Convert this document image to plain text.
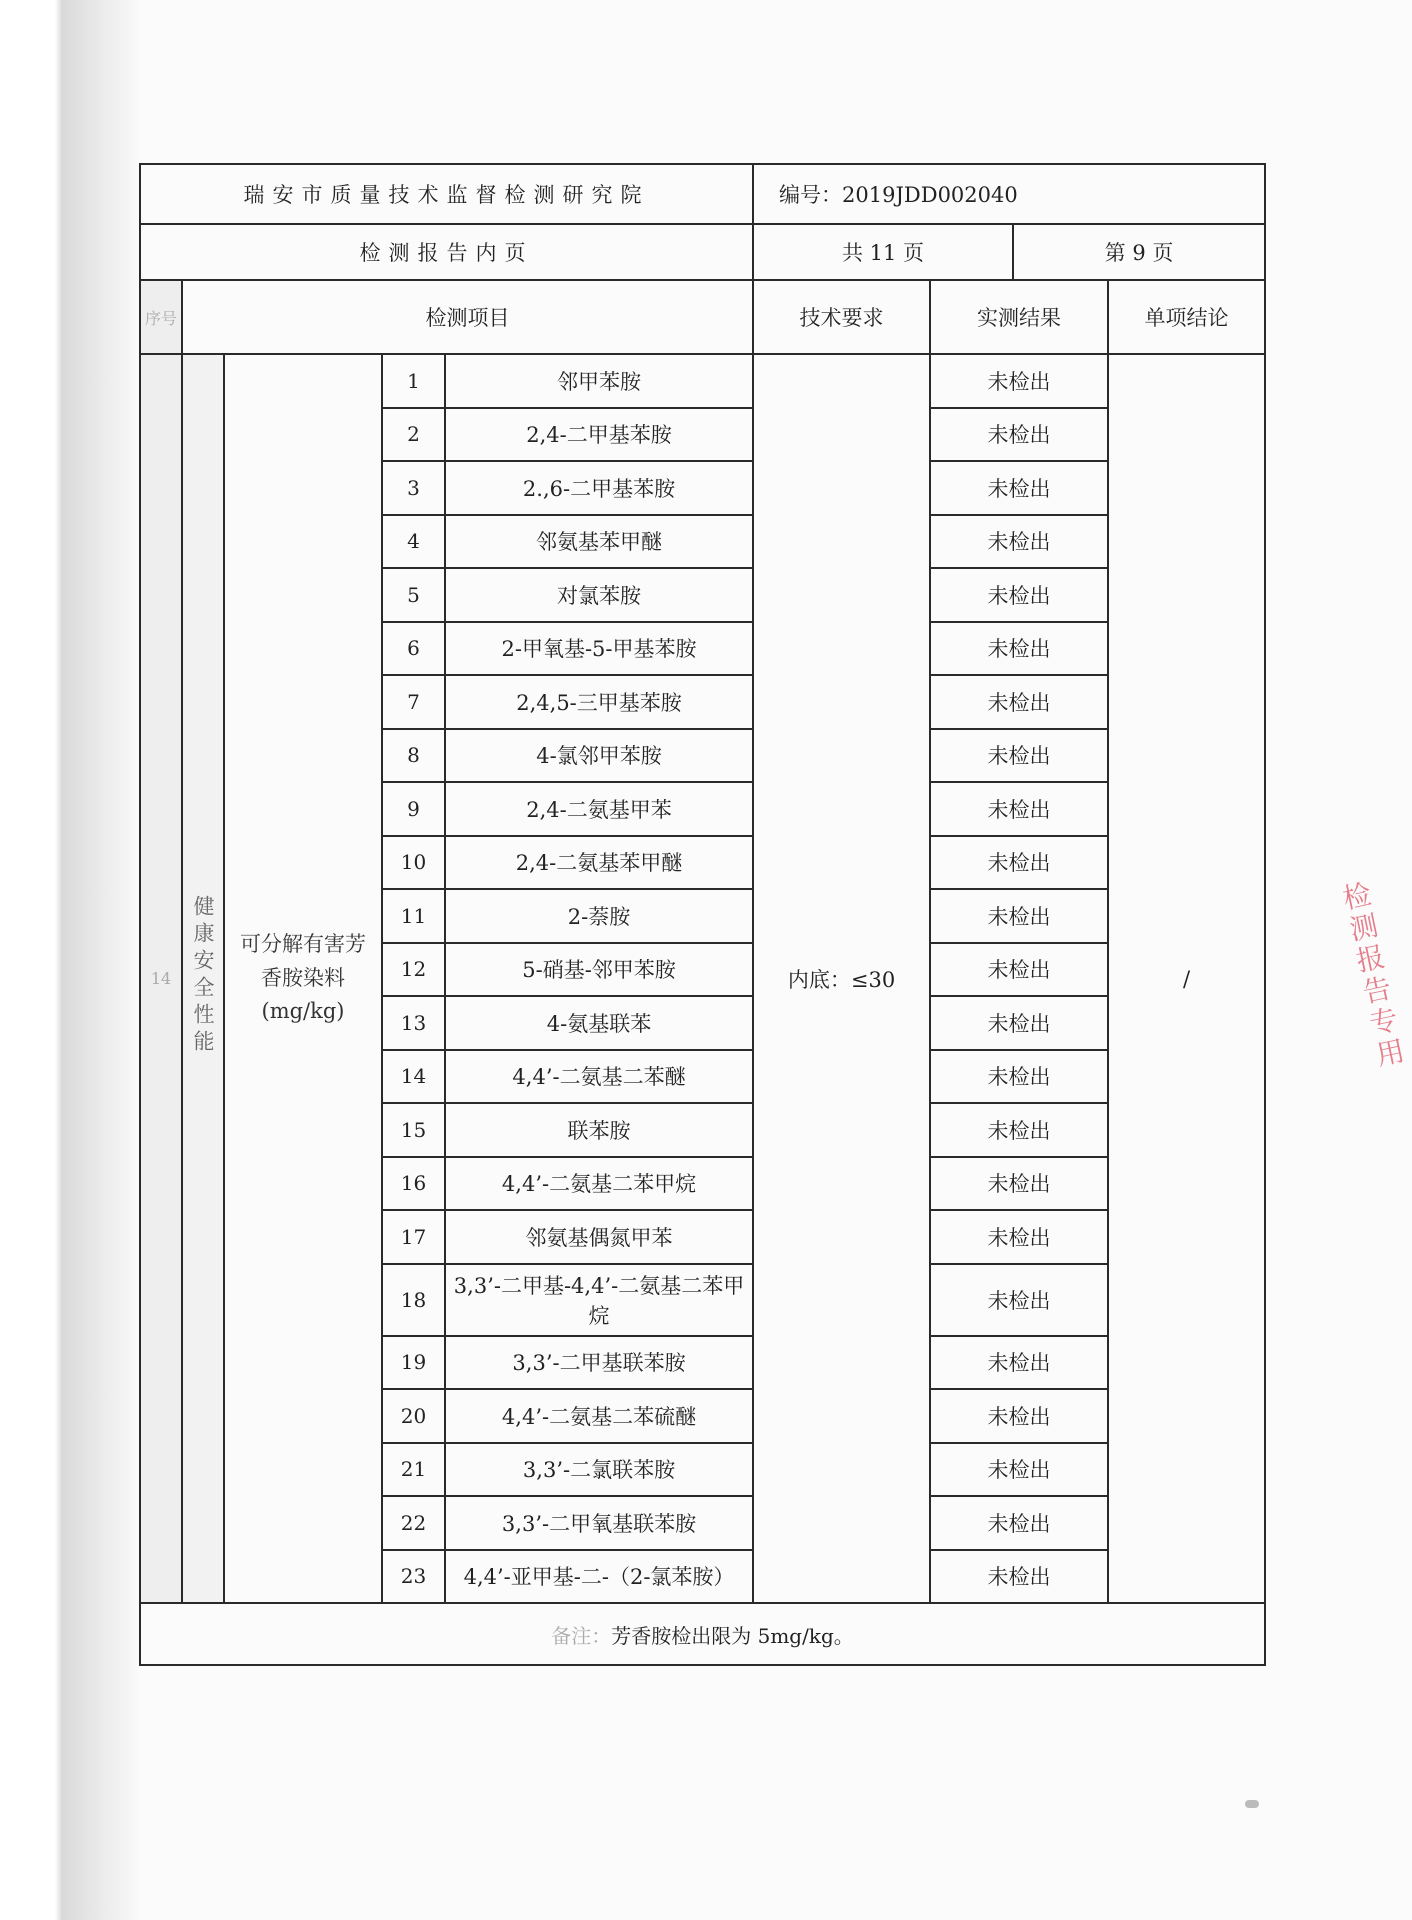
瑞安市质量技术监督检测研究院					编号：2019JDD002040			
检测报告内页					共 11 页		第 9 页	
序号	检测项目				技术要求	实测结果		单项结论
14	健康安全性能	可分解有害芳香胺染料 (mg/kg)	1	邻甲苯胺	内底：≤30	未检出		/
			2	2,4-二甲基苯胺		未检出		
			3	2.,6-二甲基苯胺		未检出		
			4	邻氨基苯甲醚		未检出		
			5	对氯苯胺		未检出		
			6	2-甲氧基-5-甲基苯胺		未检出		
			7	2,4,5-三甲基苯胺		未检出		
			8	4-氯邻甲苯胺		未检出		
			9	2,4-二氨基甲苯		未检出		
			10	2,4-二氨基苯甲醚		未检出		
			11	2-萘胺		未检出		
			12	5-硝基-邻甲苯胺		未检出		
			13	4-氨基联苯		未检出		
			14	4,4’-二氨基二苯醚		未检出		
			15	联苯胺		未检出		
			16	4,4’-二氨基二苯甲烷		未检出		
			17	邻氨基偶氮甲苯		未检出		
			18	3,3’-二甲基-4,4’-二氨基二苯甲烷		未检出		
			19	3,3’-二甲基联苯胺		未检出		
			20	4,4’-二氨基二苯硫醚		未检出		
			21	3,3’-二氯联苯胺		未检出		
			22	3,3’-二甲氧基联苯胺		未检出		
			23	4,4’-亚甲基-二-（2-氯苯胺）		未检出		
备注：芳香胺检出限为 5mg/kg。								
检测报告专用
